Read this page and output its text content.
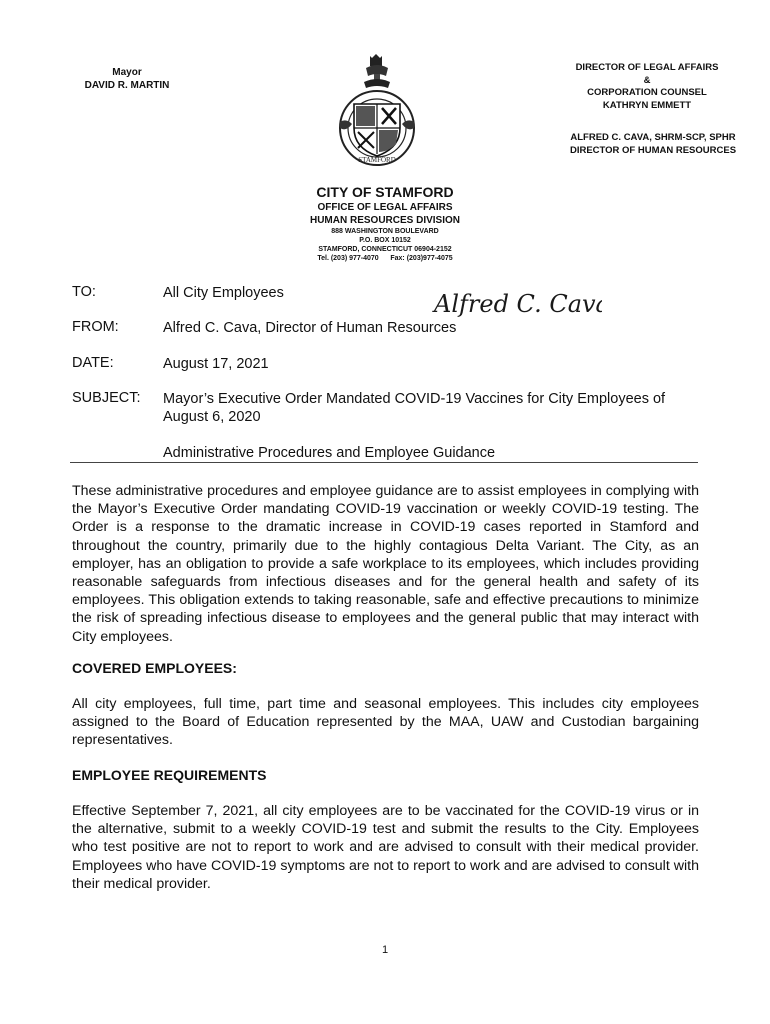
Mayor
DAVID R. MARTIN
STAMFORD
DIRECTOR OF LEGAL AFFAIRS
&
CORPORATION COUNSEL
KATHRYN EMMETT
ALFRED C. CAVA, SHRM-SCP, SPHR
DIRECTOR OF HUMAN RESOURCES
CITY OF STAMFORD
OFFICE OF LEGAL AFFAIRS
HUMAN RESOURCES DIVISION
888 WASHINGTON BOULEVARD
P.O. BOX 10152
STAMFORD, CONNECTICUT 06904-2152
Tel. (203) 977-4070      Fax: (203)977-4075
TO:	All City Employees	Alfred C. Cava
FROM:	Alfred C. Cava, Director of Human Resources
DATE:	August 17, 2021
SUBJECT: Mayor’s Executive Order Mandated COVID-19 Vaccines for City Employees of
August 6, 2020
Administrative Procedures and Employee Guidance
These administrative procedures and employee guidance are to assist employees in complying with the Mayor’s Executive Order mandating COVID-19 vaccination or weekly COVID-19 testing. The Order is a response to the dramatic increase in COVID-19 cases reported in Stamford and throughout the country, primarily due to the highly contagious Delta Variant. The City, as an employer, has an obligation to provide a safe workplace to its employees, which includes providing reasonable safeguards from infectious diseases and for the general health and safety of its employees. This obligation extends to taking reasonable, safe and effective precautions to minimize the risk of spreading infectious disease to employees and the general public that may interact with City employees.
COVERED EMPLOYEES:
All city employees, full time, part time and seasonal employees. This includes city employees assigned to the Board of Education represented by the MAA, UAW and Custodian bargaining representatives.
EMPLOYEE REQUIREMENTS
Effective September 7, 2021, all city employees are to be vaccinated for the COVID-19 virus or in the alternative, submit to a weekly COVID-19 test and submit the results to the City. Employees who test positive are not to report to work and are advised to consult with their medical provider. Employees who have COVID-19 symptoms are not to report to work and are advised to consult with their medical provider.
1
